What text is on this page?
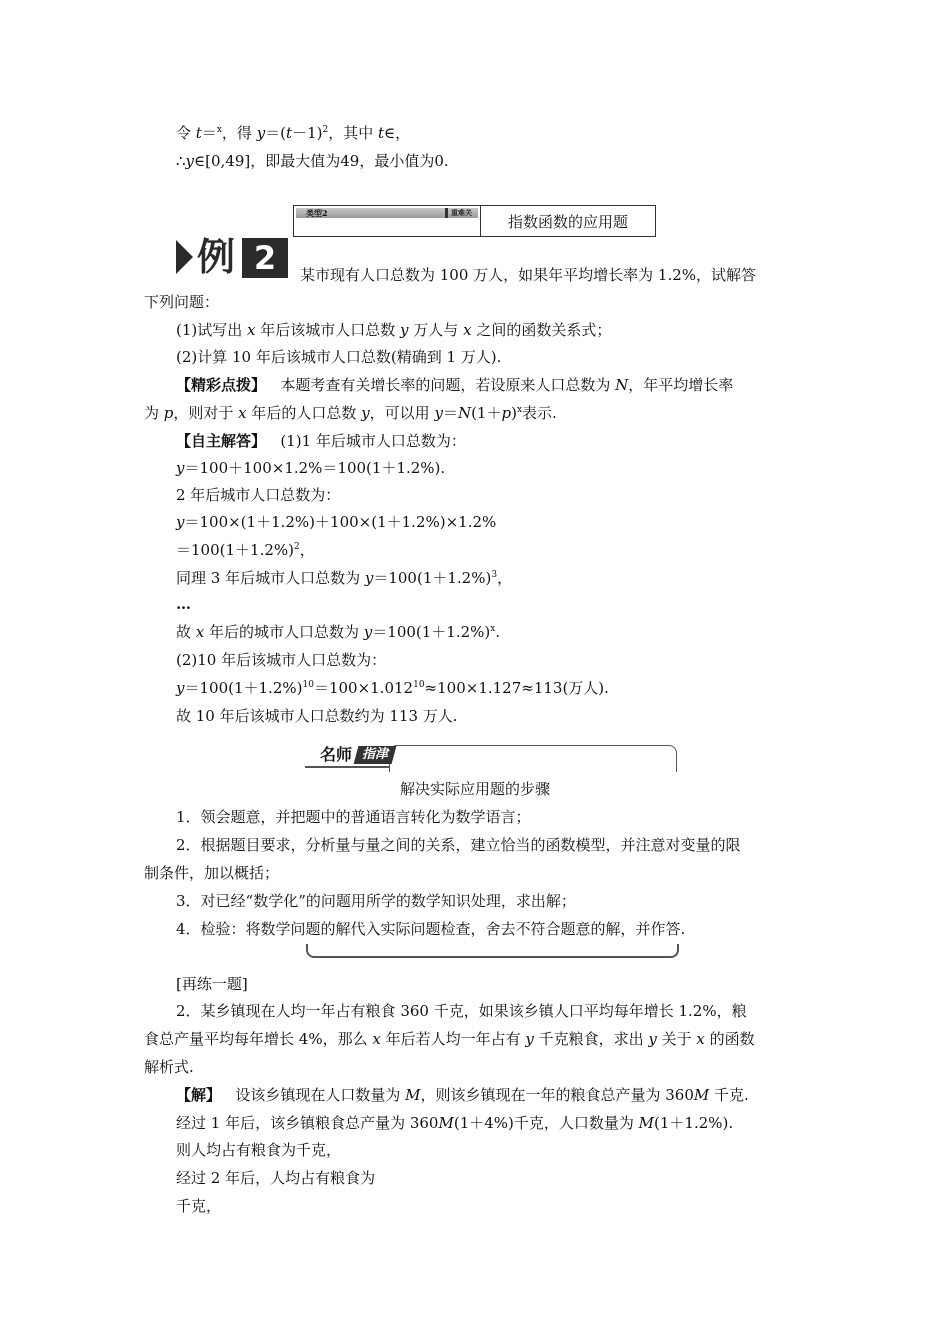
令 t＝$^x$，得 $y=(t-1)^2$，其中 t∈，
∴y∈[0,49]，即最大值为49，最小值为0.
类型2	重难关
指数函数的应用题
例 2	某市现有人口总数为 100 万人，如果年平均增长率为 1.2%，试解答
下列问题：
(1)试写出 x 年后该城市人口总数 y 万人与 x 之间的函数关系式；
(2)计算 10 年后该城市人口总数(精确到 1 万人).
【精彩点拨】 本题考查有关增长率的问题，若设原来人口总数为 N，年平均增长率
为 p，则对于 x 年后的人口总数 y，可以用 $y=N(1+p)^x$表示.
【自主解答】 (1)1 年后城市人口总数为：
y＝100＋100×1.2%＝100(1＋1.2%).
2 年后城市人口总数为：
y＝100×(1＋1.2%)＋100×(1＋1.2%)×1.2%
$=100(1+1.2\%)^2$，
同理 3 年后城市人口总数为 $y=100(1+1.2\%)^3$，
…
故 x 年后的城市人口总数为 $y=100(1+1.2\%)^x$.
(2)10 年后该城市人口总数为：
$y=100(1+1.2\%)^{10}=100\times 1.012^{10}\approx 100\times 1.127\approx 113$(万人).
故 10 年后该城市人口总数约为 113 万人.
名师 指津
解决实际应用题的步骤
1．领会题意，并把题中的普通语言转化为数学语言；
2．根据题目要求，分析量与量之间的关系，建立恰当的函数模型，并注意对变量的限
制条件，加以概括；
3．对已经“数学化”的问题用所学的数学知识处理，求出解；
4．检验：将数学问题的解代入实际问题检查，舍去不符合题意的解，并作答.
[再练一题]
2．某乡镇现在人均一年占有粮食 360 千克，如果该乡镇人口平均每年增长 1.2%，粮
食总产量平均每年增长 4%，那么 x 年后若人均一年占有 y 千克粮食，求出 y 关于 x 的函数
解析式.
【解】 设该乡镇现在人口数量为 M，则该乡镇现在一年的粮食总产量为 360M 千克.
经过 1 年后，该乡镇粮食总产量为 360M(1＋4%)千克，人口数量为 M(1＋1.2%).
则人均占有粮食为千克，
经过 2 年后，人均占有粮食为
千克，
